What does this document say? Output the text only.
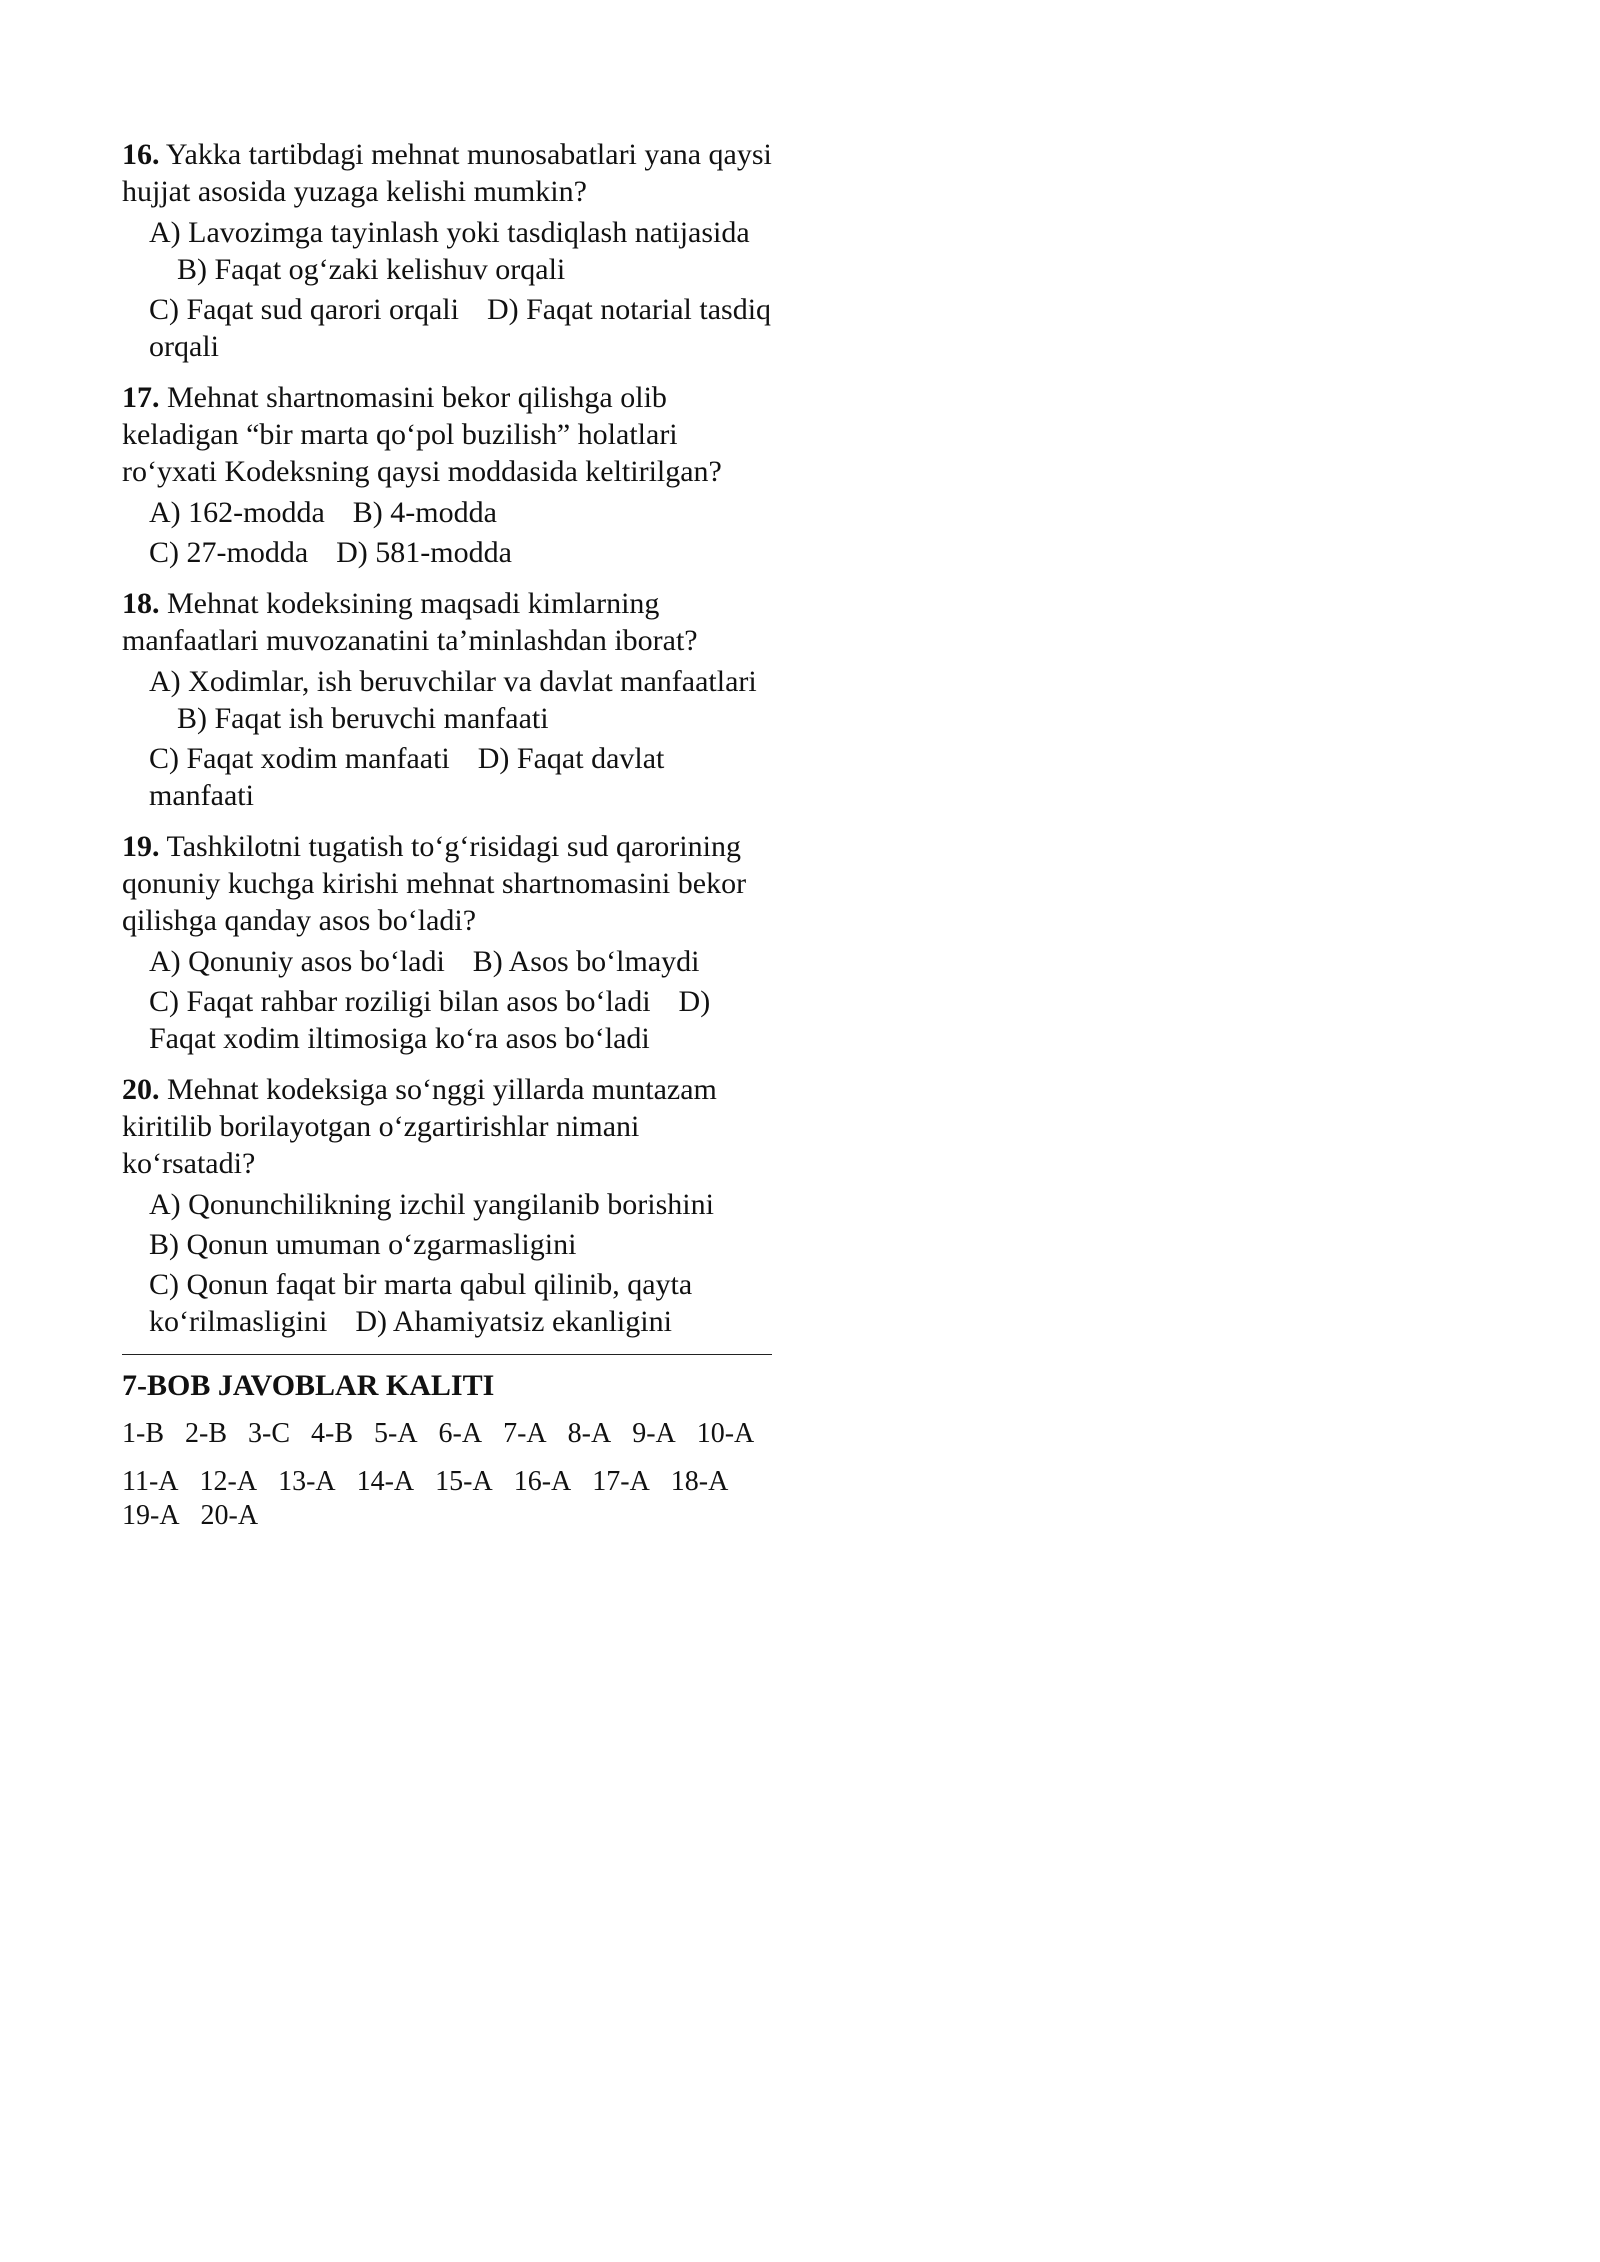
16. Yakka tartibdagi mehnat munosabatlari yana qaysi hujjat asosida yuzaga kelishi mumkin?

A) Lavozimga tayinlash yoki tasdiqlash natijasidaB) Faqat og‘zaki kelishuv orqali

C) Faqat sud qarori orqali D) Faqat notarial tasdiq orqali

17. Mehnat shartnomasini bekor qilishga olib keladigan “bir marta qo‘pol buzilish” holatlari ro‘yxati Kodeksning qaysi moddasida keltirilgan?

A) 162-modda B) 4-modda

C) 27-modda D) 581-modda

18. Mehnat kodeksining maqsadi kimlarning manfaatlari muvozanatini ta’minlashdan iborat?

A) Xodimlar, ish beruvchilar va davlat manfaatlariB) Faqat ish beruvchi manfaati

C) Faqat xodim manfaati D) Faqat davlat manfaati

19. Tashkilotni tugatish to‘g‘risidagi sud qarorining qonuniy kuchga kirishi mehnat shartnomasini bekor qilishga qanday asos bo‘ladi?

A) Qonuniy asos bo‘ladi B) Asos bo‘lmaydi

C) Faqat rahbar roziligi bilan asos bo‘ladi D) Faqat xodim iltimosiga ko‘ra asos bo‘ladi

20. Mehnat kodeksiga so‘nggi yillarda muntazam kiritilib borilayotgan o‘zgartirishlar nimani ko‘rsatadi?

A) Qonunchilikning izchil yangilanib borishini

B) Qonun umuman o‘zgarmasligini

C) Qonun faqat bir marta qabul qilinib, qayta ko‘rilmasligini D) Ahamiyatsiz ekanligini

7-BOB JAVOBLAR KALITI

1-B 2-B 3-C 4-B 5-A 6-A 7-A 8-A 9-A 10-A

11-A 12-A 13-A 14-A 15-A 16-A 17-A 18-A 19-A 20-A
